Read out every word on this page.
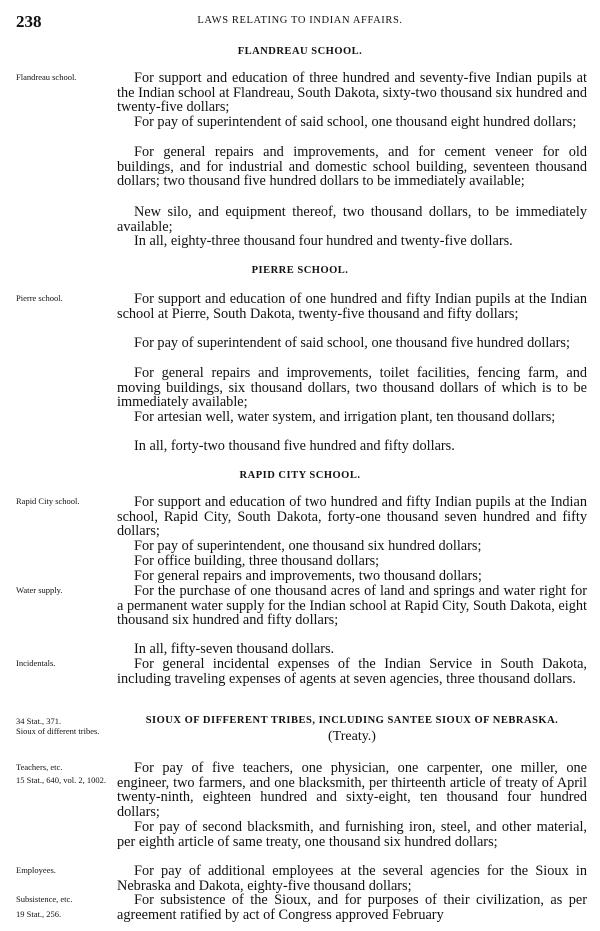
238	LAWS RELATING TO INDIAN AFFAIRS.
FLANDREAU SCHOOL.
Flandreau school.	For support and education of three hundred and seventy-five Indian pupils at the Indian school at Flandreau, South Dakota, sixty-two thousand six hundred and twenty-five dollars;
For pay of superintendent of said school, one thousand eight hundred dollars;
For general repairs and improvements, and for cement veneer for old buildings, and for industrial and domestic school building, seventeen thousand dollars; two thousand five hundred dollars to be immediately available;
New silo, and equipment thereof, two thousand dollars, to be immediately available;
In all, eighty-three thousand four hundred and twenty-five dollars.
PIERRE SCHOOL.
Pierre school.	For support and education of one hundred and fifty Indian pupils at the Indian school at Pierre, South Dakota, twenty-five thousand and fifty dollars;
For pay of superintendent of said school, one thousand five hundred dollars;
For general repairs and improvements, toilet facilities, fencing farm, and moving buildings, six thousand dollars, two thousand dollars of which is to be immediately available;
For artesian well, water system, and irrigation plant, ten thousand dollars;
In all, forty-two thousand five hundred and fifty dollars.
RAPID CITY SCHOOL.
Rapid City school.	For support and education of two hundred and fifty Indian pupils at the Indian school, Rapid City, South Dakota, forty-one thousand seven hundred and fifty dollars;
For pay of superintendent, one thousand six hundred dollars;
For office building, three thousand dollars;
For general repairs and improvements, two thousand dollars;
Water supply.	For the purchase of one thousand acres of land and springs and water right for a permanent water supply for the Indian school at Rapid City, South Dakota, eight thousand six hundred and fifty dollars;
In all, fifty-seven thousand dollars.
Incidentals.	For general incidental expenses of the Indian Service in South Dakota, including traveling expenses of agents at seven agencies, three thousand dollars.
34 Stat., 371.
Sioux of different tribes.
SIOUX OF DIFFERENT TRIBES, INCLUDING SANTEE SIOUX OF NEBRASKA.
(Treaty.)
Teachers, etc.
15 Stat., 640, vol. 2, 1002.
For pay of five teachers, one physician, one carpenter, one miller, one engineer, two farmers, and one blacksmith, per thirteenth article of treaty of April twenty-ninth, eighteen hundred and sixty-eight, ten thousand four hundred dollars;
For pay of second blacksmith, and furnishing iron, steel, and other material, per eighth article of same treaty, one thousand six hundred dollars;
Employees.	For pay of additional employees at the several agencies for the Sioux in Nebraska and Dakota, eighty-five thousand dollars;
Subsistence, etc.
19 Stat., 256.
For subsistence of the Sioux, and for purposes of their civilization, as per agreement ratified by act of Congress approved February
